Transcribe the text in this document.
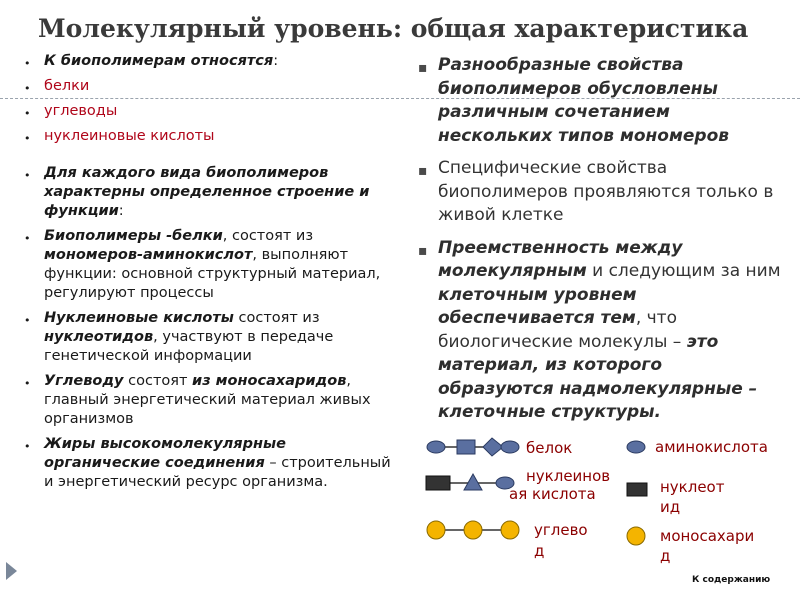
Молекулярный уровень: общая характеристика
• К биополимерам относятся:
• белки
• углеводы
• нуклеиновые кислоты
• Для каждого вида биополимеров характерны определенное строение и функции:
• Биополимеры -белки, состоят из мономеров-аминокислот, выполняют функции: основной структурный материал, регулируют процессы
• Нуклеиновые кислоты состоят из нуклеотидов, участвуют в передаче генетической информации
• Углеводу состоят из моносахаридов, главный энергетический материал живых организмов
• Жиры высокомолекулярные органические соединения – строительный и энергетический ресурс организма.
▪ Разнообразные свойства биополимеров обусловлены различным сочетанием нескольких типов мономеров
▪ Специфические свойства биополимеров проявляются только в живой клетке
▪ Преемственность между молекулярным и следующим за ним клеточным уровнем обеспечивается тем, что биологические молекулы – это материал, из которого образуются надмолекулярные – клеточные структуры.
белок	аминокислота
нуклеинов
ая кислота	нуклеот
ид
углево
д
моносахари
д
К содержанию
